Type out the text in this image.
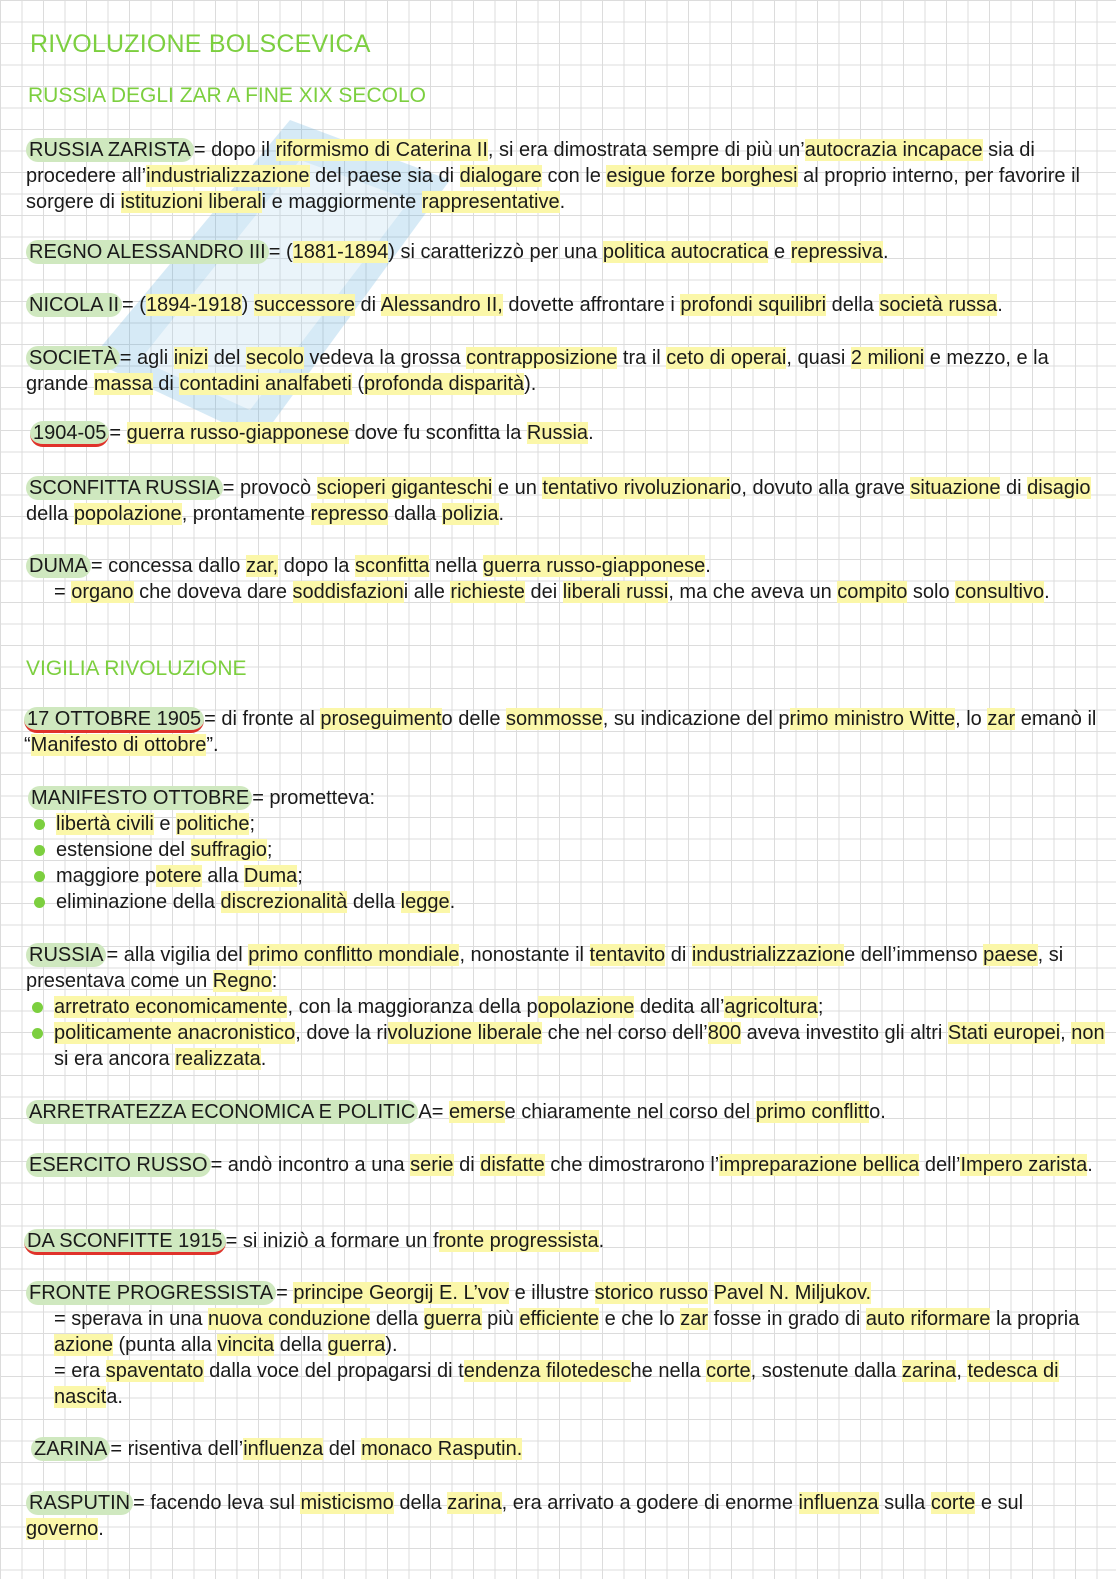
RIVOLUZIONE BOLSCEVICA
RUSSIA DEGLI ZAR A FINE XIX SECOLO
RUSSIA ZARISTA = dopo il riformismo di Caterina II, si era dimostrata sempre di più un’autocrazia incapace sia di procedere all’industrializzazione del paese sia di dialogare con le esigue forze borghesi al proprio interno, per favorire il sorgere di istituzioni liberali e maggiormente rappresentative.
REGNO ALESSANDRO III = (1881-1894) si caratterizzò per una politica autocratica e repressiva.
NICOLA II = (1894-1918) successore di Alessandro II, dovette affrontare i profondi squilibri della società russa.
SOCIETÀ = agli inizi del secolo vedeva la grossa contrapposizione tra il ceto di operai, quasi 2 milioni e mezzo, e la grande massa di contadini analfabeti (profonda disparità).
1904-05 = guerra russo-giapponese dove fu sconfitta la Russia.
SCONFITTA RUSSIA = provocò scioperi giganteschi e un tentativo rivoluzionario, dovuto alla grave situazione di disagio della popolazione, prontamente represso dalla polizia.
DUMA = concessa dallo zar, dopo la sconfitta nella guerra russo-giapponese.
= organo che doveva dare soddisfazioni alle richieste dei liberali russi, ma che aveva un compito solo consultivo.
VIGILIA RIVOLUZIONE
17 OTTOBRE 1905 = di fronte al proseguimento delle sommosse, su indicazione del primo ministro Witte, lo zar emanò il “Manifesto di ottobre”.
MANIFESTO OTTOBRE = prometteva:
libertà civili e politiche;
estensione del suffragio;
maggiore potere alla Duma;
eliminazione della discrezionalità della legge.
RUSSIA = alla vigilia del primo conflitto mondiale, nonostante il tentavito di industrializzazione dell’immenso paese, si presentava come un Regno:
arretrato economicamente, con la maggioranza della popolazione dedita all’agricoltura;
politicamente anacronistico, dove la rivoluzione liberale che nel corso dell’800 aveva investito gli altri Stati europei, non si era ancora realizzata.
ARRETRATEZZA ECONOMICA E POLITIC A= emerse chiaramente nel corso del primo conflitto.
ESERCITO RUSSO = andò incontro a una serie di disfatte che dimostrarono l’impreparazione bellica dell’Impero zarista.
DA SCONFITTE 1915 = si iniziò a formare un fronte progressista.
FRONTE PROGRESSISTA = principe Georgij E. L’vov e illustre storico russo Pavel N. Miljukov.
= sperava in una nuova conduzione della guerra più efficiente e che lo zar fosse in grado di auto riformare la propria azione (punta alla vincita della guerra).
= era spaventato dalla voce del propagarsi di tendenza filotedesche nella corte, sostenute dalla zarina, tedesca di nascita.
ZARINA = risentiva dell’influenza del monaco Rasputin.
RASPUTIN = facendo leva sul misticismo della zarina, era arrivato a godere di enorme influenza sulla corte e sul governo.
